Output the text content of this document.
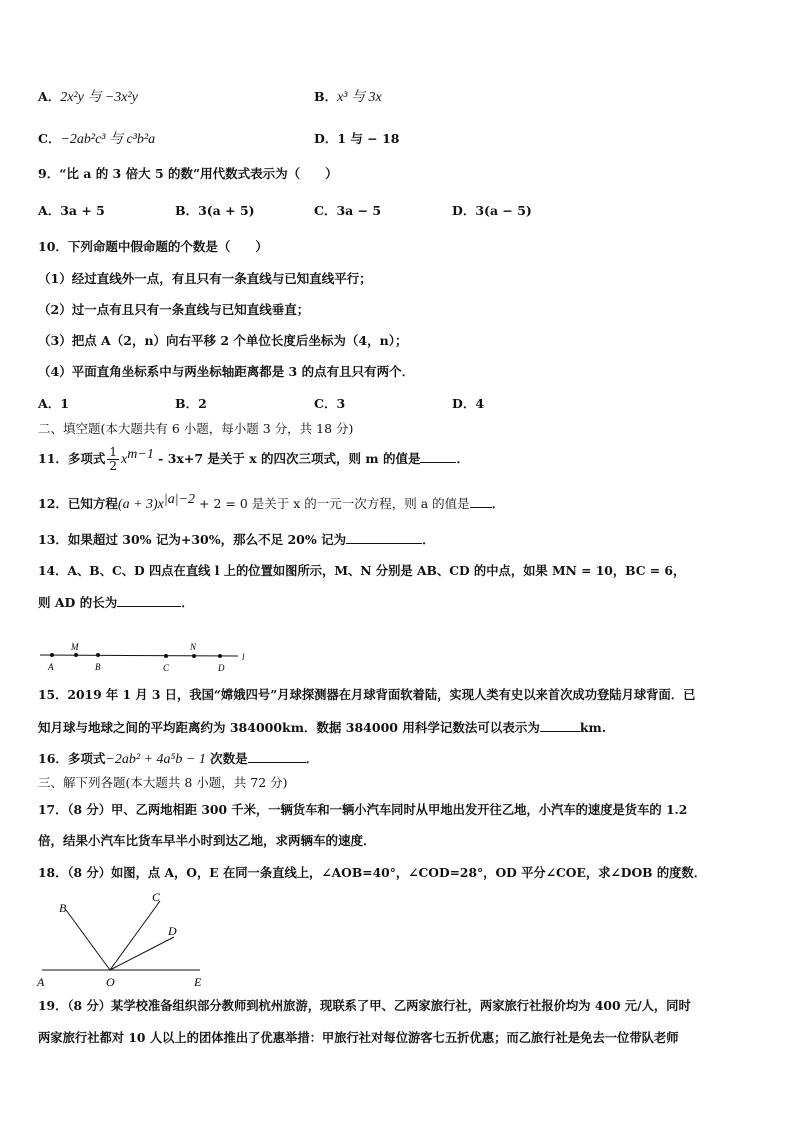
A．2x²y 与 −3x²y	B．x³ 与 3x
C．−2ab²c³ 与 c³b²a	D．1 与 − 18
9．“比 a 的 3 倍大 5 的数”用代数式表示为（　　）
A．3a + 5	B．3(a + 5)	C．3a − 5	D．3(a − 5)
10．下列命题中假命题的个数是（　　）
（1）经过直线外一点，有且只有一条直线与已知直线平行；
（2）过一点有且只有一条直线与已知直线垂直；
（3）把点 A（2，n）向右平移 2 个单位长度后坐标为（4，n）；
（4）平面直角坐标系中与两坐标轴距离都是 3 的点有且只有两个．
A．1	B．2	C．3	D．4
二、填空题(本大题共有 6 小题，每小题 3 分，共 18 分)
11．多项式 $\frac{1}{2} x^{m-1} - 3x+7$ 是关于 x 的四次三项式，则 m 的值是	．
12．已知方程$(a + 3)x^{|a|-2} + 2 = 0$ 是关于 x 的一元一次方程，则 a 的值是 ．
13．如果超过 30% 记为+30%，那么不足 20% 记为	．
14．A、B、C、D 四点在直线 l 上的位置如图所示，M、N 分别是 AB、CD 的中点，如果 MN = 10，BC = 6，
则 AD 的长为	．
A
M
B	C
N
D
l
15．2019 年 1 月 3 日，我国“嫦娥四号”月球探测器在月球背面软着陆，实现人类有史以来首次成功登陆月球背面．已
知月球与地球之间的平均距离约为 384000km．数据 384000 用科学记数法可以表示为	km.
16．多项式−2ab² + 4a⁵b − 1 次数是	．
三、解下列各题(本大题共 8 小题，共 72 分)
17．（8 分）甲、乙两地相距 300 千米，一辆货车和一辆小汽车同时从甲地出发开往乙地，小汽车的速度是货车的 1.2
倍，结果小汽车比货车早半小时到达乙地，求两辆车的速度．
18．（8 分）如图，点 A，O，E 在同一条直线上，∠AOB=40°，∠COD=28°，OD 平分∠COE，求∠DOB 的度数．
B
C
D
A	O	E
19．（8 分）某学校准备组织部分教师到杭州旅游，现联系了甲、乙两家旅行社，两家旅行社报价均为 400 元/人，同时
两家旅行社都对 10 人以上的团体推出了优惠举措：甲旅行社对每位游客七五折优惠；而乙旅行社是免去一位带队老师
